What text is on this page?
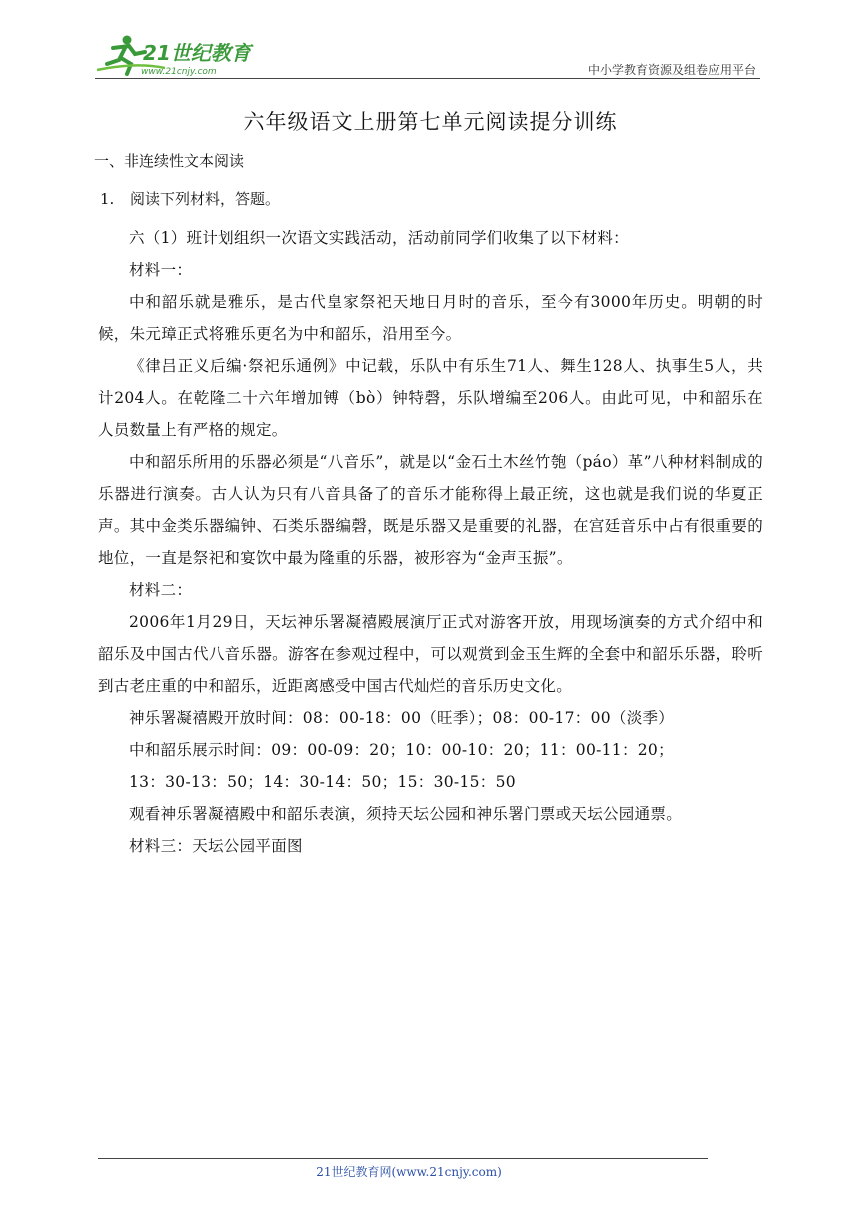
21世纪教育
www.21cnjy.com	中小学教育资源及组卷应用平台
六年级语文上册第七单元阅读提分训练
一、非连续性文本阅读
1. 阅读下列材料，答题。

六（1）班计划组织一次语文实践活动，活动前同学们收集了以下材料：

材料一：

中和韶乐就是雅乐，是古代皇家祭祀天地日月时的音乐，至今有3000年历史。明朝的时候，朱元璋正式将雅乐更名为中和韶乐，沿用至今。

《律吕正义后编·祭祀乐通例》中记载，乐队中有乐生71人、舞生128人、执事生5人，共计204人。在乾隆二十六年增加镈（bò）钟特磬，乐队增编至206人。由此可见，中和韶乐在人员数量上有严格的规定。

中和韶乐所用的乐器必须是“八音乐”，就是以“金石土木丝竹匏（páo）革”八种材料制成的乐器进行演奏。古人认为只有八音具备了的音乐才能称得上最正统，这也就是我们说的华夏正声。其中金类乐器编钟、石类乐器编磬，既是乐器又是重要的礼器，在宫廷音乐中占有很重要的地位，一直是祭祀和宴饮中最为隆重的乐器，被形容为“金声玉振”。

材料二：

2006年1月29日，天坛神乐署凝禧殿展演厅正式对游客开放，用现场演奏的方式介绍中和韶乐及中国古代八音乐器。游客在参观过程中，可以观赏到金玉生辉的全套中和韶乐乐器，聆听到古老庄重的中和韶乐，近距离感受中国古代灿烂的音乐历史文化。

神乐署凝禧殿开放时间：08：00-18：00（旺季）；08：00-17：00（淡季）

中和韶乐展示时间：09：00-09：20；10：00-10：20；11：00-11：20；

13：30-13：50；14：30-14：50；15：30-15：50

观看神乐署凝禧殿中和韶乐表演，须持天坛公园和神乐署门票或天坛公园通票。

材料三：天坛公园平面图

21世纪教育网(www.21cnjy.com)
